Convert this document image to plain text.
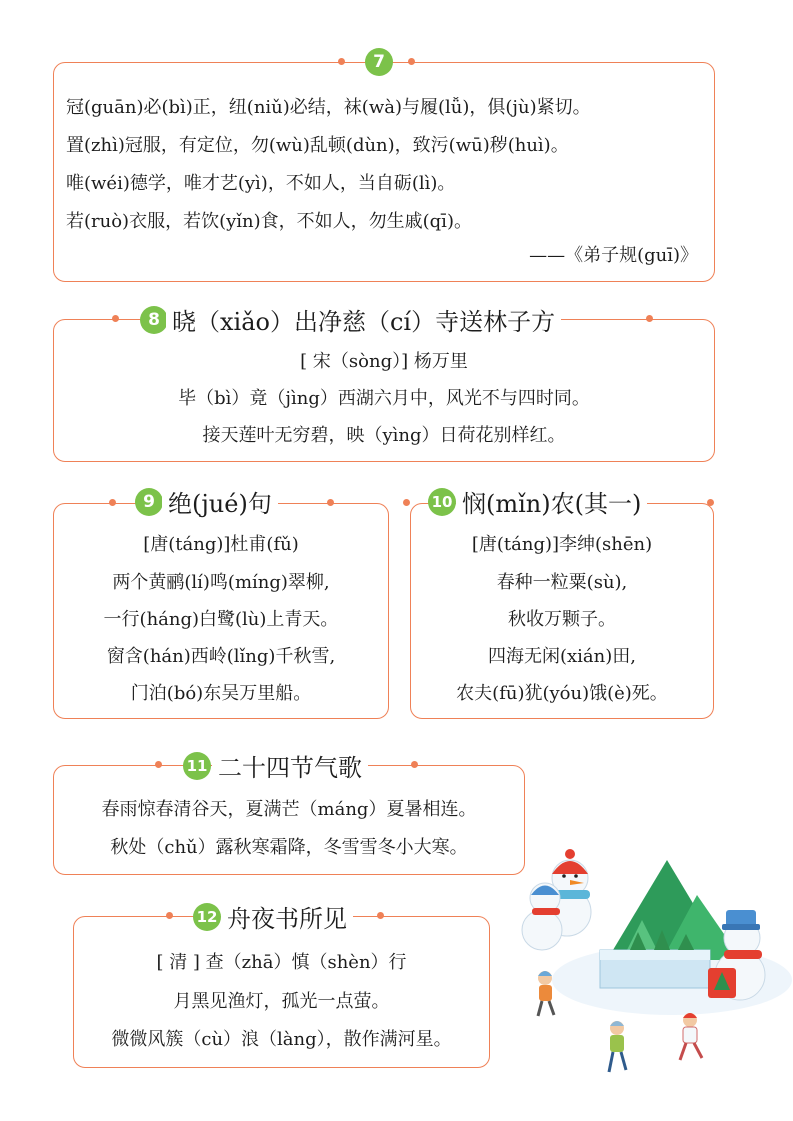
7
冠(guān)必(bì)正，纽(niǔ)必结，袜(wà)与履(lǚ)，俱(jù)紧切。
置(zhì)冠服，有定位，勿(wù)乱顿(dùn)，致污(wū)秽(huì)。
唯(wéi)德学，唯才艺(yì)，不如人，当自砺(lì)。
若(ruò)衣服，若饮(yǐn)食，不如人，勿生戚(qī)。
——《弟子规(guī)》
8 晓（xiǎo）出净慈（cí）寺送林子方
[ 宋（sòng）] 杨万里
毕（bì）竟（jìng）西湖六月中，风光不与四时同。
接天莲叶无穷碧，映（yìng）日荷花别样红。
9 绝(jué)句
[唐(táng)]杜甫(fǔ)
两个黄鹂(lí)鸣(míng)翠柳,
一行(háng)白鹭(lù)上青天。
窗含(hán)西岭(lǐng)千秋雪,
门泊(bó)东吴万里船。
10 悯(mǐn)农(其一)
[唐(táng)]李绅(shēn)
春种一粒粟(sù),
秋收万颗子。
四海无闲(xián)田,
农夫(fū)犹(yóu)饿(è)死。
11 二十四节气歌
春雨惊春清谷天，夏满芒（máng）夏暑相连。
秋处（chǔ）露秋寒霜降，冬雪雪冬小大寒。
12 舟夜书所见
[ 清 ] 查（zhā）慎（shèn）行
月黑见渔灯，孤光一点萤。
微微风簇（cù）浪（làng），散作满河星。
